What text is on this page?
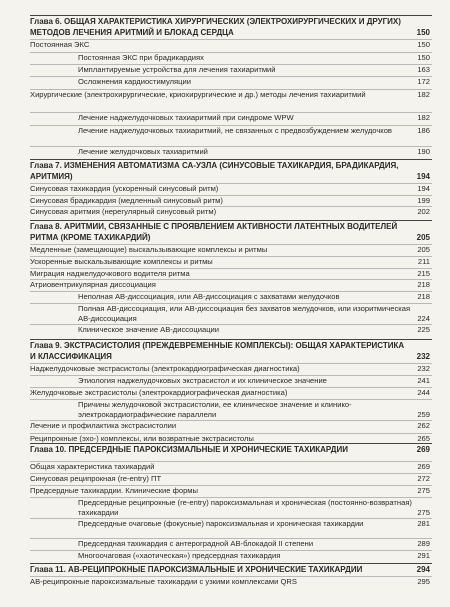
Глава 6. ОБЩАЯ ХАРАКТЕРИСТИКА ХИРУРГИЧЕСКИХ (ЭЛЕКТРОХИРУРГИЧЕСКИХ И ДРУГИХ) МЕТОДОВ ЛЕЧЕНИЯ АРИТМИЙ И БЛОКАД СЕРДЦА	150
Постоянная ЭКС	150
Постоянная ЭКС при брадикардиях	150
Имплантируемые устройства для лечения тахиаритмий	163
Осложнения кардиостимуляции	172
Хирургические (электрохирургические, криохирургические и др.) методы лечения тахиаритмий	182
Лечение наджелудочковых тахиаритмий при синдроме WPW	182
Лечение наджелудочковых тахиаритмий, не связанных с предвозбуждением желудочков	186
Лечение желудочковых тахиаритмий	190
Глава 7. ИЗМЕНЕНИЯ АВТОМАТИЗМА СА-УЗЛА (СИНУСОВЫЕ ТАХИКАРДИЯ, БРАДИКАРДИЯ, АРИТМИЯ)	194
Синусовая тахикардия (ускоренный синусовый ритм)	194
Синусовая брадикардия (медленный синусовый ритм)	199
Синусовая аритмия (нерегулярный синусовый ритм)	202
Глава 8. АРИТМИИ, СВЯЗАННЫЕ С ПРОЯВЛЕНИЕМ АКТИВНОСТИ ЛАТЕНТНЫХ ВОДИТЕЛЕЙ РИТМА (КРОМЕ ТАХИКАРДИЙ)	205
Медленные (замещающие) выскальзывающие комплексы и ритмы	205
Ускоренные выскальзывающие комплексы и ритмы	211
Миграция наджелудочкового водителя ритма	215
Атриовентрикулярная диссоциация	218
Неполная АВ-диссоциация, или АВ-диссоциация с захватами желудочков	218
Полная АВ-диссоциация, или АВ-диссоциация без захватов желудочков, или изоритмическая АВ-диссоциация	224
Клиническое значение АВ-диссоциации	225
Глава 9. ЭКСТРАСИСТОЛИЯ (ПРЕЖДЕВРЕМЕННЫЕ КОМПЛЕКСЫ): ОБЩАЯ ХАРАКТЕРИСТИКА И КЛАССИФИКАЦИЯ	232
Наджелудочковые экстрасистолы (электрокардиографическая диагностика)	232
Этиология наджелудочковых экстрасистол и их клиническое значение	241
Желудочковые экстрасистолы (электрокардиографическая диагностика)	244
Причины желудочковой экстрасистолии, ее клиническое значение и клинико-электрокардиографические параллели	259
Лечение и профилактика экстрасистолии	262
Реципрокные (эхо-) комплексы, или возвратные экстрасистолы	265
Глава 10. ПРЕДСЕРДНЫЕ ПАРОКСИЗМАЛЬНЫЕ И ХРОНИЧЕСКИЕ ТАХИКАРДИИ	269
Общая характеристика тахикардий	269
Синусовая реципрокная (re-entry) ПТ	272
Предсердные тахикардии. Клинические формы	275
Предсердные реципрокные (re-entry) пароксизмальная и хроническая (постоянно-возвратная) тахикардии	275
Предсердные очаговые (фокусные) пароксизмальная и хроническая тахикардии	281
Предсердная тахикардия с антероградной АВ-блокадой II степени	289
Многоочаговая («хаотическая») предсердная тахикардия	291
Глава 11. АВ-РЕЦИПРОКНЫЕ ПАРОКСИЗМАЛЬНЫЕ И ХРОНИЧЕСКИЕ ТАХИКАРДИИ	294
АВ-реципрокные пароксизмальные тахикардии с узкими комплексами QRS	295
